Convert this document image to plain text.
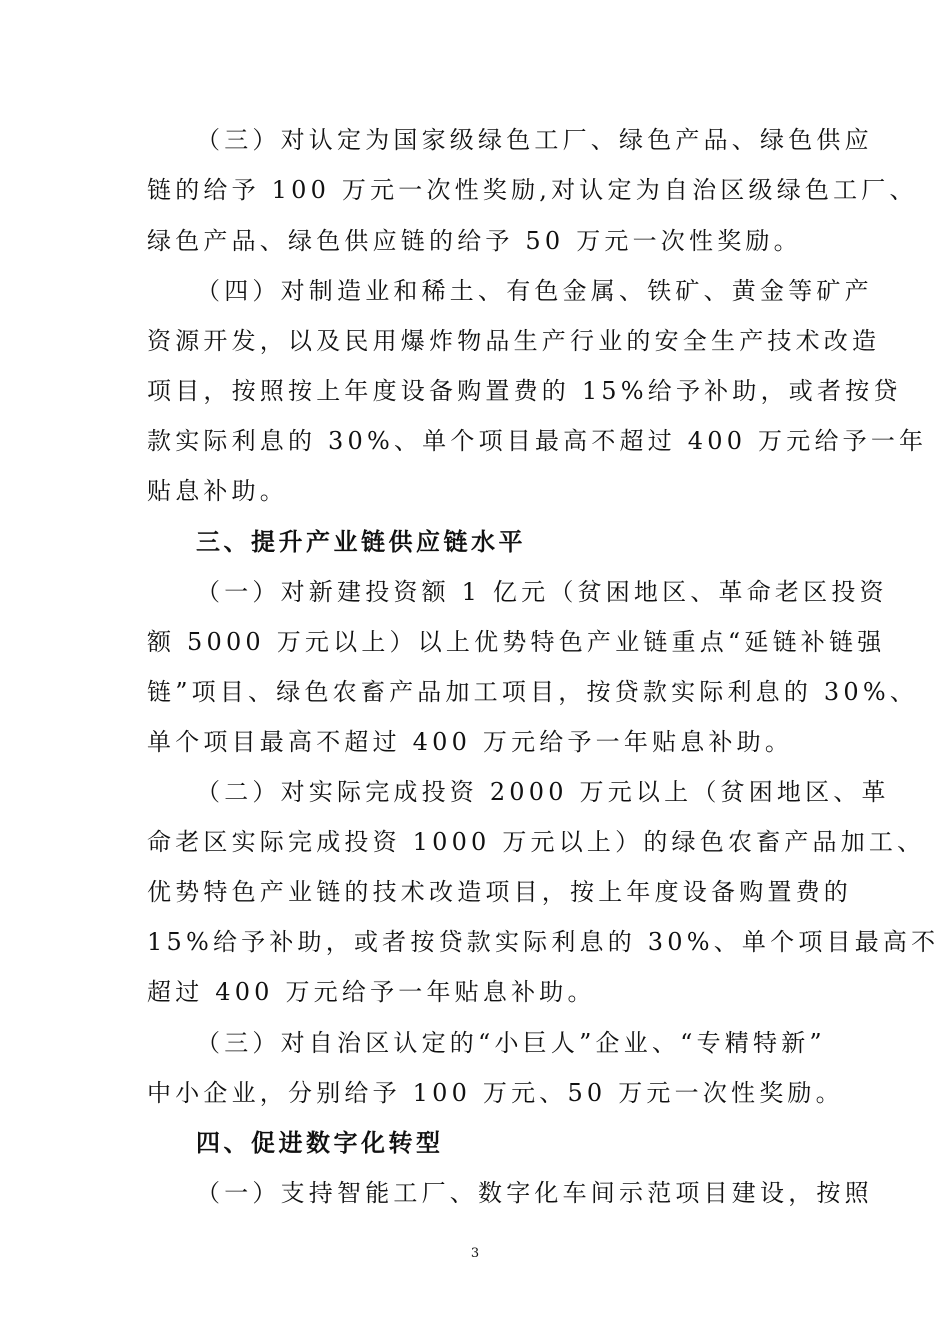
（三）对认定为国家级绿色工厂、绿色产品、绿色供应
链的给予 100 万元一次性奖励,对认定为自治区级绿色工厂、
绿色产品、绿色供应链的给予 50 万元一次性奖励。
（四）对制造业和稀土、有色金属、铁矿、黄金等矿产
资源开发，以及民用爆炸物品生产行业的安全生产技术改造
项目，按照按上年度设备购置费的 15%给予补助，或者按贷
款实际利息的 30%、单个项目最高不超过 400 万元给予一年
贴息补助。
三、提升产业链供应链水平
（一）对新建投资额 1 亿元（贫困地区、革命老区投资
额 5000 万元以上）以上优势特色产业链重点“延链补链强
链”项目、绿色农畜产品加工项目，按贷款实际利息的 30%、
单个项目最高不超过 400 万元给予一年贴息补助。
（二）对实际完成投资 2000 万元以上（贫困地区、革
命老区实际完成投资 1000 万元以上）的绿色农畜产品加工、
优势特色产业链的技术改造项目，按上年度设备购置费的
15%给予补助，或者按贷款实际利息的 30%、单个项目最高不
超过 400 万元给予一年贴息补助。
（三）对自治区认定的“小巨人”企业、“专精特新”
中小企业，分别给予 100 万元、50 万元一次性奖励。
四、促进数字化转型
（一）支持智能工厂、数字化车间示范项目建设，按照
3
